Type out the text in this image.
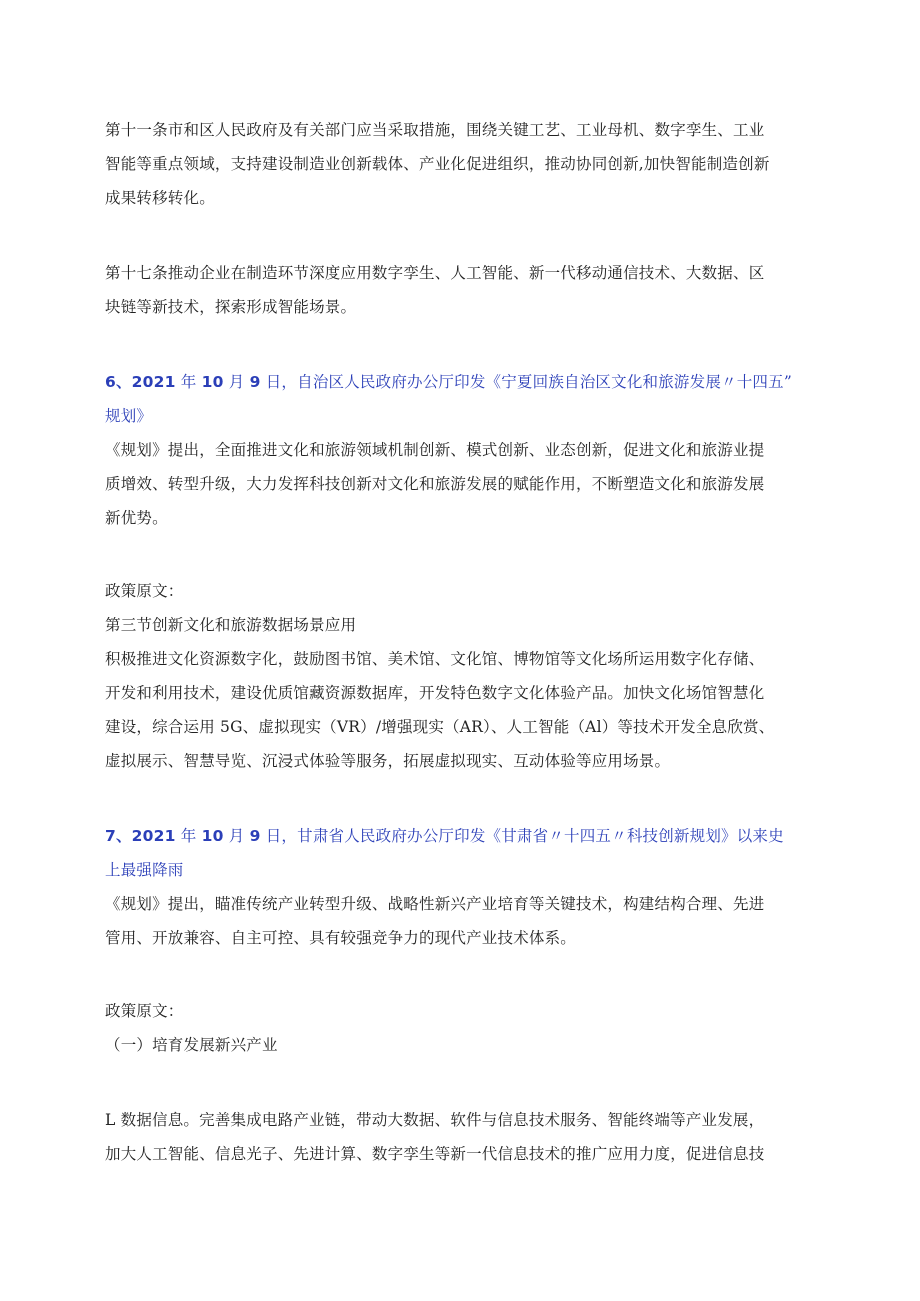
第十一条市和区人民政府及有关部门应当采取措施，围绕关键工艺、工业母机、数字孪生、工业
智能等重点领域，支持建设制造业创新载体、产业化促进组织，推动协同创新,加快智能制造创新
成果转移转化。

第十七条推动企业在制造环节深度应用数字孪生、人工智能、新一代移动通信技术、大数据、区
块链等新技术，探索形成智能场景。

6、2021 年 10 月 9 日，自治区人民政府办公厅印发《宁夏回族自治区文化和旅游发展〃十四五”
规划》

《规划》提出，全面推进文化和旅游领域机制创新、模式创新、业态创新，促进文化和旅游业提
质增效、转型升级，大力发挥科技创新对文化和旅游发展的赋能作用，不断塑造文化和旅游发展
新优势。

政策原文：
第三节创新文化和旅游数据场景应用
积极推进文化资源数字化，鼓励图书馆、美术馆、文化馆、博物馆等文化场所运用数字化存储、
开发和利用技术，建设优质馆藏资源数据库，开发特色数字文化体验产品。加快文化场馆智慧化
建设，综合运用 5G、虚拟现实（VR）/增强现实（AR）、人工智能（Al）等技术开发全息欣赏、
虚拟展示、智慧导览、沉浸式体验等服务，拓展虚拟现实、互动体验等应用场景。

7、2021 年 10 月 9 日，甘肃省人民政府办公厅印发《甘肃省〃十四五〃科技创新规划》以来史
上最强降雨

《规划》提出，瞄准传统产业转型升级、战略性新兴产业培育等关键技术，构建结构合理、先进
管用、开放兼容、自主可控、具有较强竞争力的现代产业技术体系。

政策原文：
（一）培育发展新兴产业

L 数据信息。完善集成电路产业链，带动大数据、软件与信息技术服务、智能终端等产业发展，
加大人工智能、信息光子、先进计算、数字孪生等新一代信息技术的推广应用力度，促进信息技
